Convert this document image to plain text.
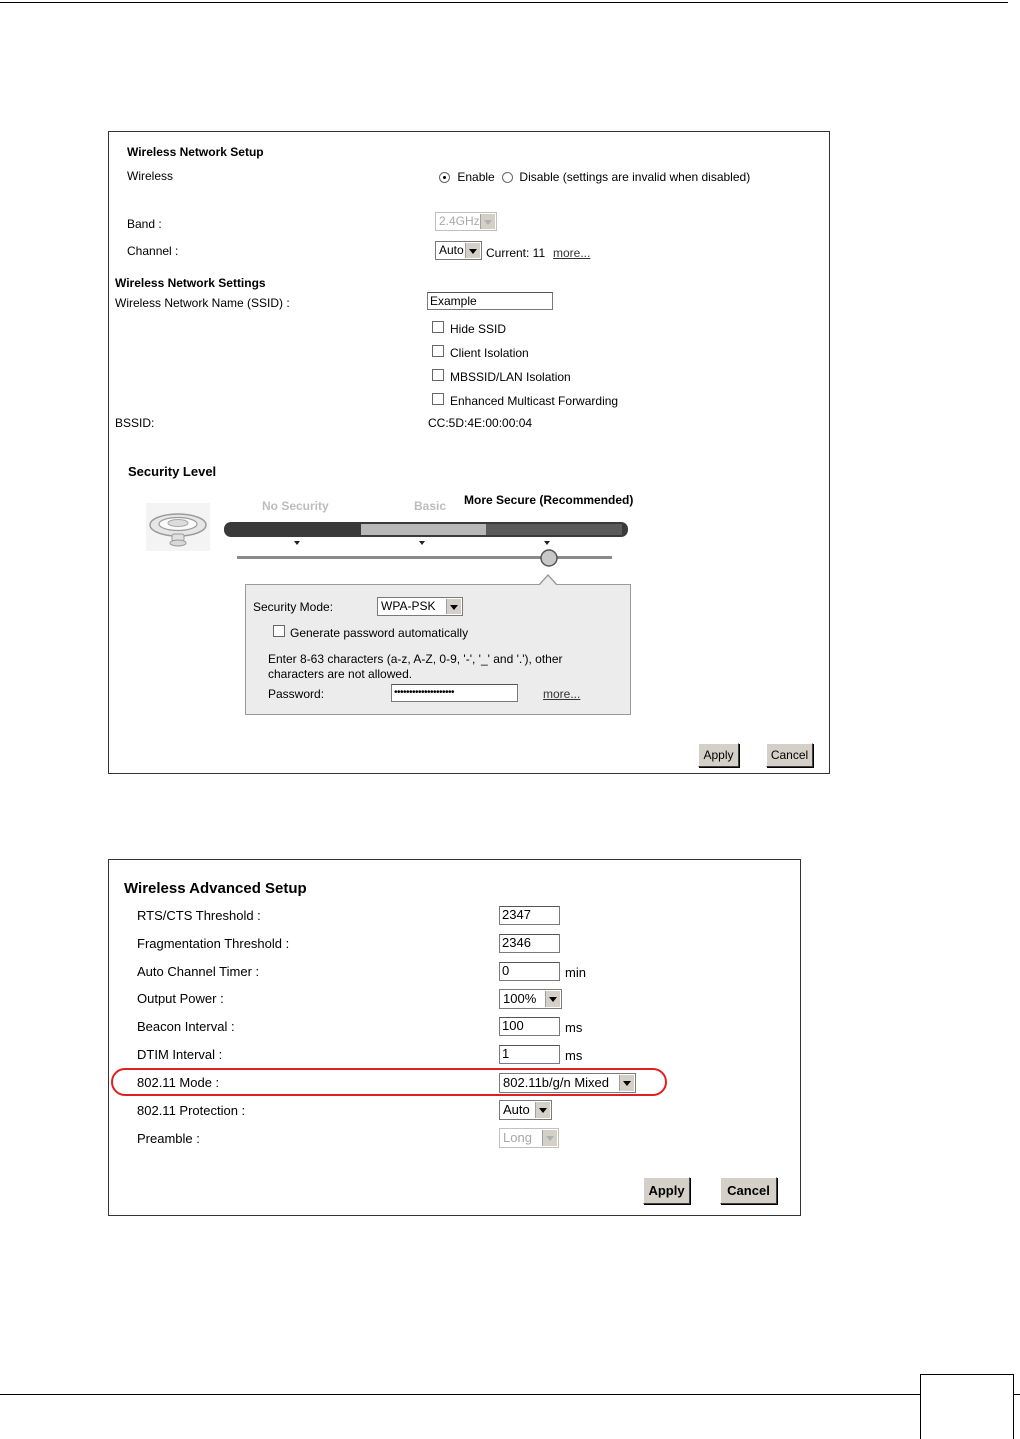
Wireless Network Setup
Wireless	Enable Disable (settings are invalid when disabled)
Band :	2.4GHz
Channel :	Auto	Current: 11 more...
Wireless Network Settings
Wireless Network Name (SSID) :	Example
Hide SSID
Client Isolation
MBSSID/LAN Isolation
Enhanced Multicast Forwarding
BSSID:	CC:5D:4E:00:00:04
Security Level
No Security	Basic More Secure (Recommended)
Security Mode:	WPA-PSK
Generate password automatically
Enter 8-63 characters (a-z, A-Z, 0-9, '-', '_' and '.'), other characters are not allowed.
Password:	••••••••••••••••••••	more...
Apply	Cancel
Wireless Advanced Setup
RTS/CTS Threshold :	2347
Fragmentation Threshold :	2346
Auto Channel Timer :	0	min
Output Power :	100%
Beacon Interval :	100	ms
DTIM Interval :	1	ms
802.11 Mode :	802.11b/g/n Mixed
802.11 Protection :	Auto
Preamble :	Long
Apply	Cancel
